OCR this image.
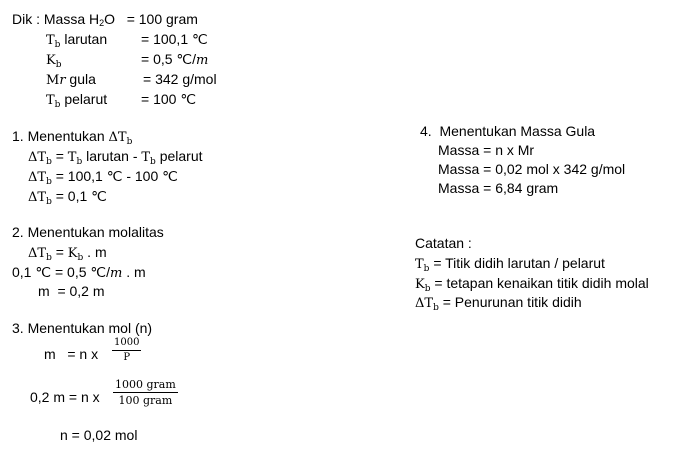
Dik : Massa H2O   = 100 gram
$T_b$ larutan = 100,1 ℃
$K_b$	= 0,5 ℃/m
Mr gula	= 342 g/mol
$T_b$ pelarut = 100 ℃
1. Menentukan $\Delta T_b$
$\Delta T_b = T_b$ larutan - $T_b$ pelarut
$\Delta T_b = 100,1$ ℃ - 100 ℃
$\Delta T_b = 0,1$ ℃
2. Menentukan molalitas
$\Delta T_b = K_b$ . m
0,1 ℃ = 0,5 ℃/m . m
m  = 0,2 m
3. Menentukan mol (n)
m   = n x $\frac{1000}{P}$
0,2 m = n x
1000 gram
100 gram
n = 0,02 mol
4.  Menentukan Massa Gula
Massa = n x Mr
Massa = 0,02 mol x 342 g/mol
Massa = 6,84 gram
Catatan :
$T_b$ = Titik didih larutan / pelarut
$K_b$ = tetapan kenaikan titik didih molal
$\Delta T_b$ = Penurunan titik didih
